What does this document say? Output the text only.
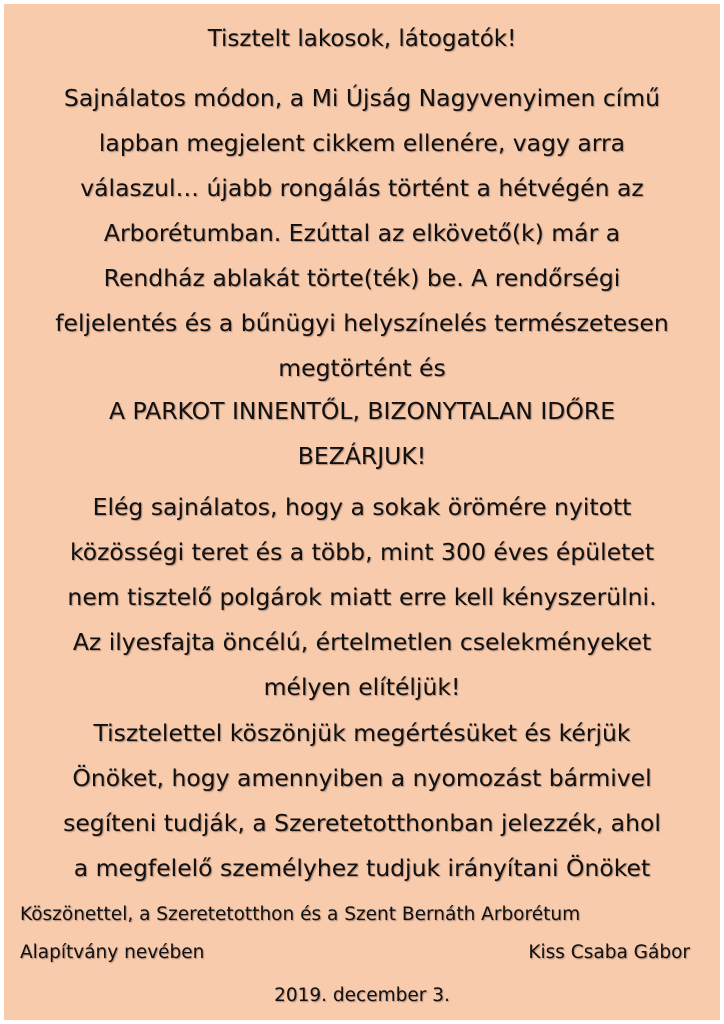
Tisztelt lakosok, látogatók!

Sajnálatos módon, a Mi Újság Nagyvenyimen című
lapban megjelent cikkem ellenére, vagy arra
válaszul… újabb rongálás történt a hétvégén az
Arborétumban. Ezúttal az elkövető(k) már a
Rendház ablakát törte(ték) be. A rendőrségi
feljelentés és a bűnügyi helyszínelés természetesen
megtörtént és

A PARKOT INNENTŐL, BIZONYTALAN IDŐRE
BEZÁRJUK!

Elég sajnálatos, hogy a sokak örömére nyitott
közösségi teret és a több, mint 300 éves épületet
nem tisztelő polgárok miatt erre kell kényszerülni.
Az ilyesfajta öncélú, értelmetlen cselekményeket
mélyen elítéljük!

Tisztelettel köszönjük megértésüket és kérjük
Önöket, hogy amennyiben a nyomozást bármivel
segíteni tudják, a Szeretetotthonban jelezzék, ahol
a megfelelő személyhez tudjuk irányítani Önöket

Köszönettel, a Szeretetotthon és a Szent Bernáth Arborétum
Alapítvány nevében	Kiss Csaba Gábor
2019. december 3.
